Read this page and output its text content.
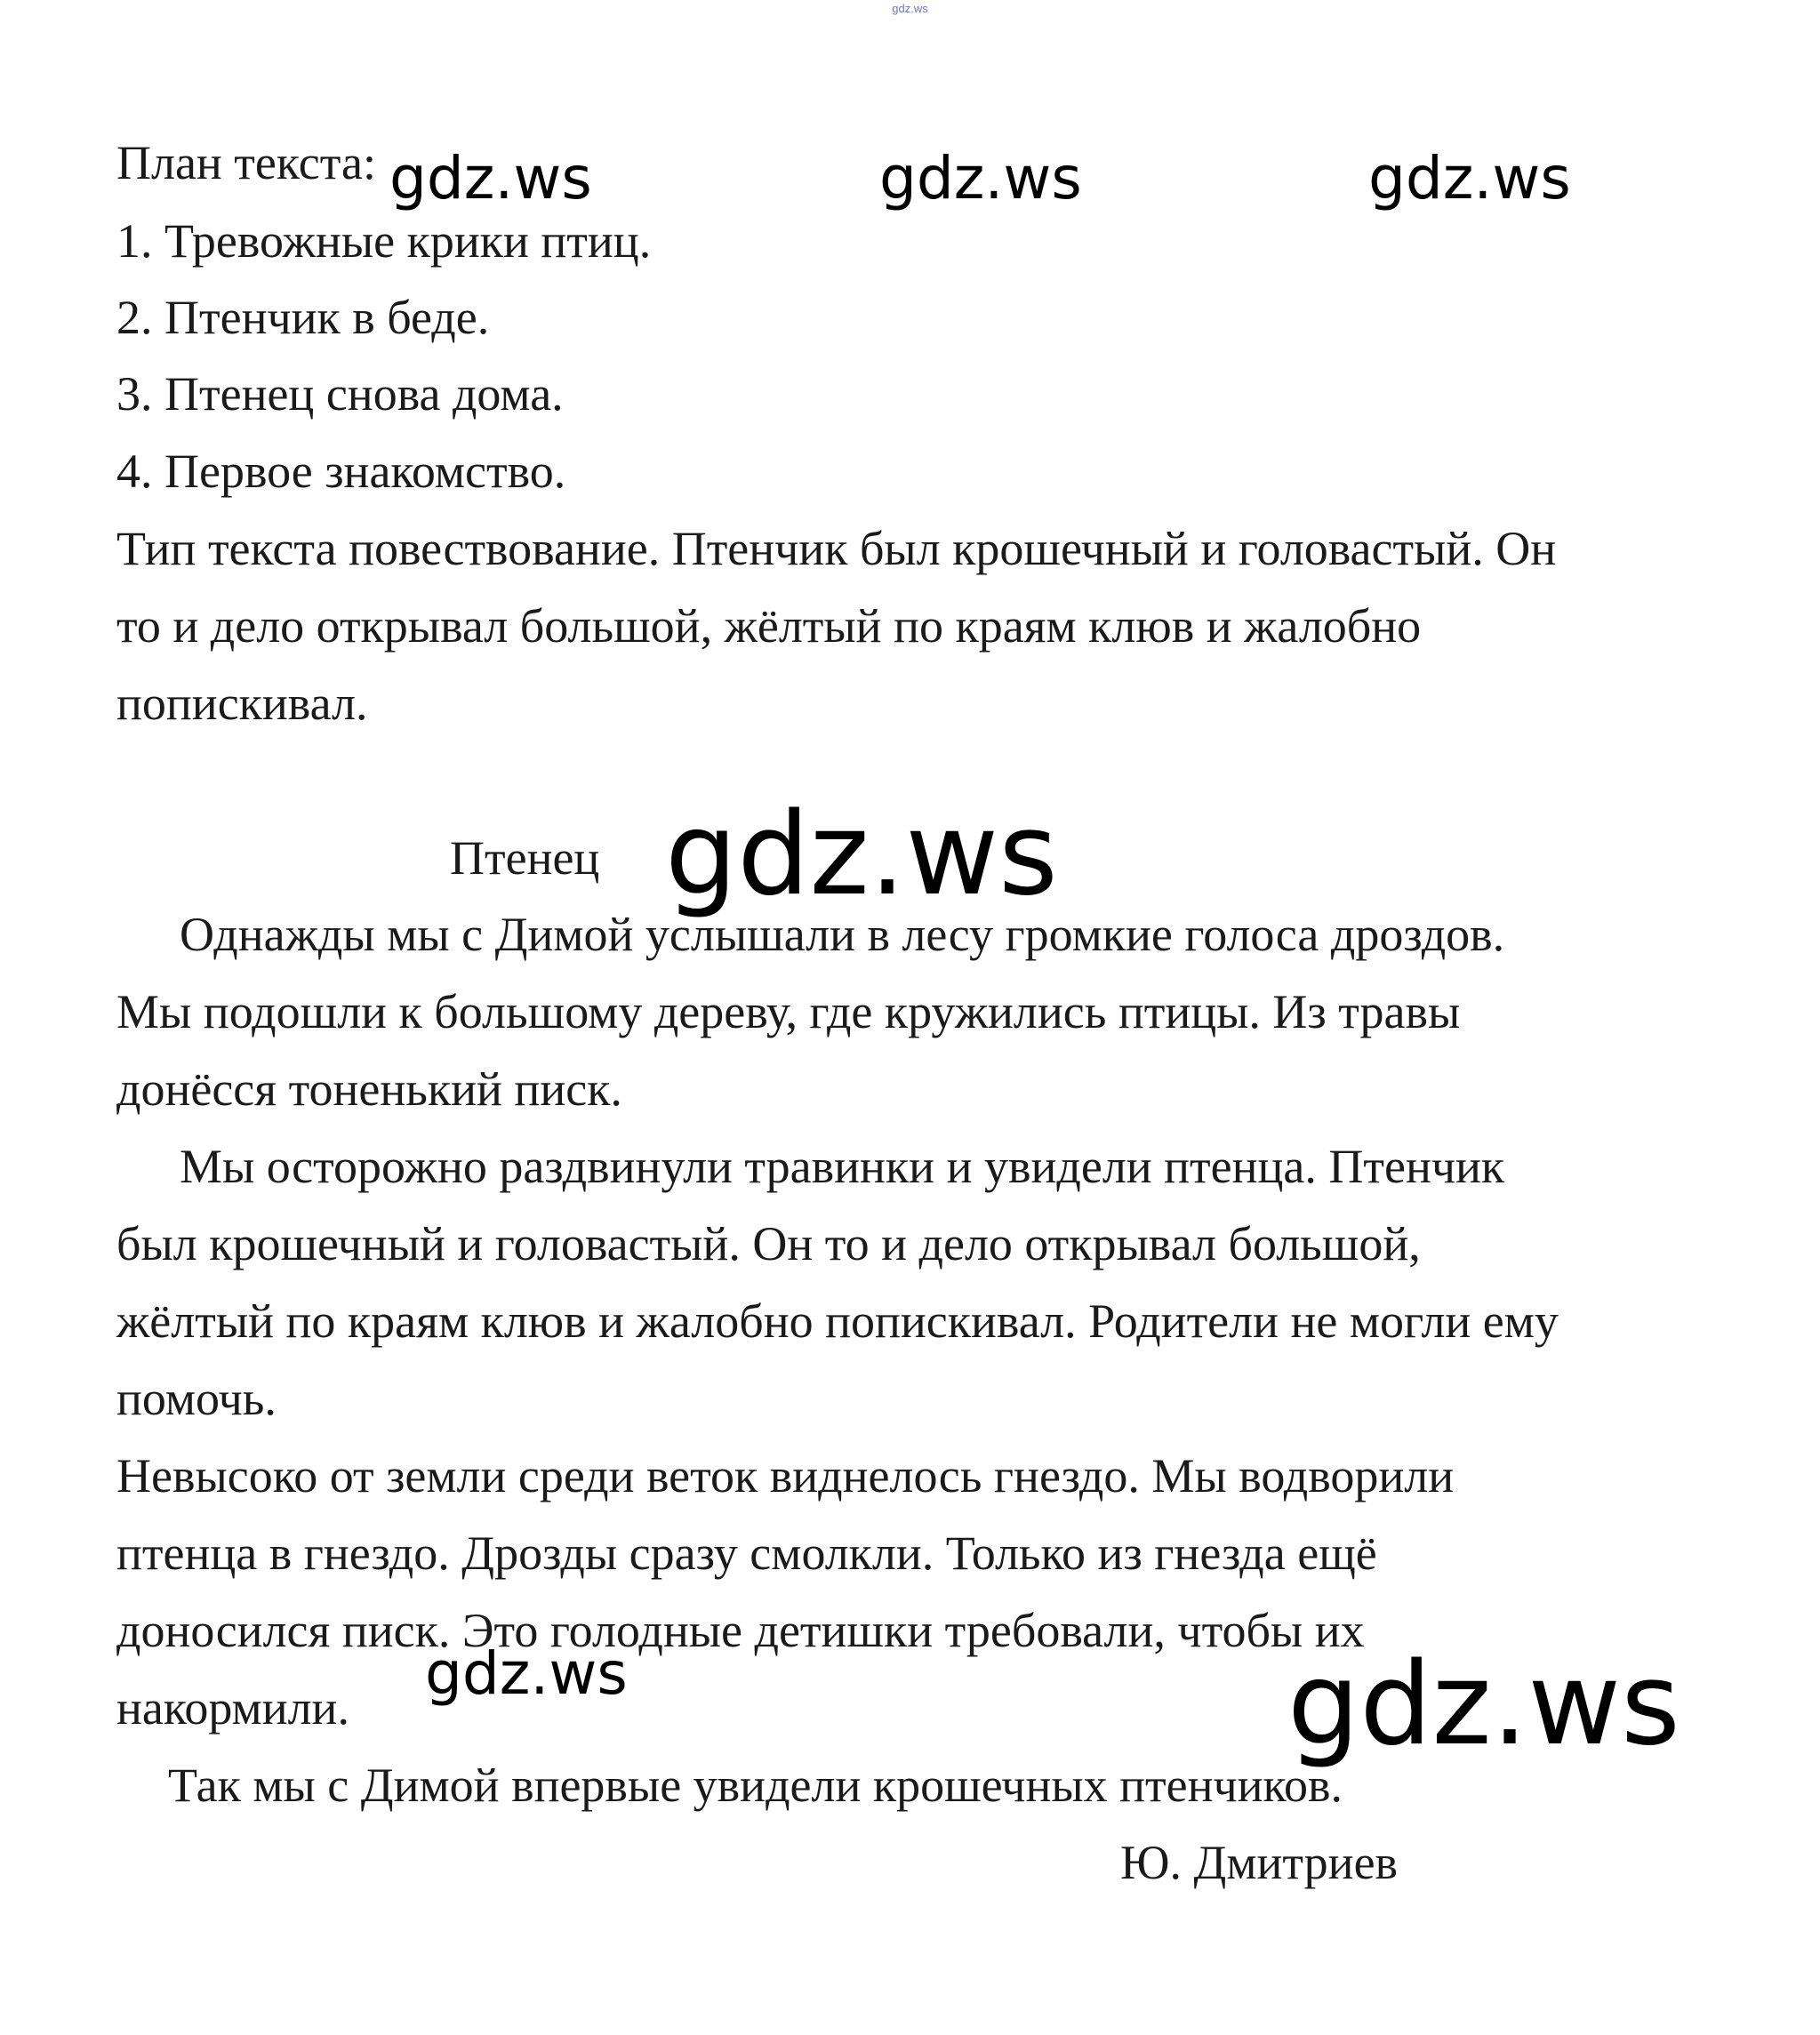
gdz.ws
План текста:
1. Тревожные крики птиц.
2. Птенчик в беде.
3. Птенец снова дома.
4. Первое знакомство.
Тип текста повествование. Птенчик был крошечный и головастый. Он
то и дело открывал большой, жёлтый по краям клюв и жалобно
попискивал.
Птенец
Однажды мы с Димой услышали в лесу громкие голоса дроздов.
Мы подошли к большому дереву, где кружились птицы. Из травы
донёсся тоненький писк.
Мы осторожно раздвинули травинки и увидели птенца. Птенчик
был крошечный и головастый. Он то и дело открывал большой,
жёлтый по краям клюв и жалобно попискивал. Родители не могли ему
помочь.
Невысоко от земли среди веток виднелось гнездо. Мы водворили
птенца в гнездо. Дрозды сразу смолкли. Только из гнезда ещё
доносился писк. Это голодные детишки требовали, чтобы их
накормили.
Так мы с Димой впервые увидели крошечных птенчиков.
Ю. Дмитриев
gdz.ws	gdz.ws	gdz.ws
gdz.ws
gdz.ws	gdz.ws
